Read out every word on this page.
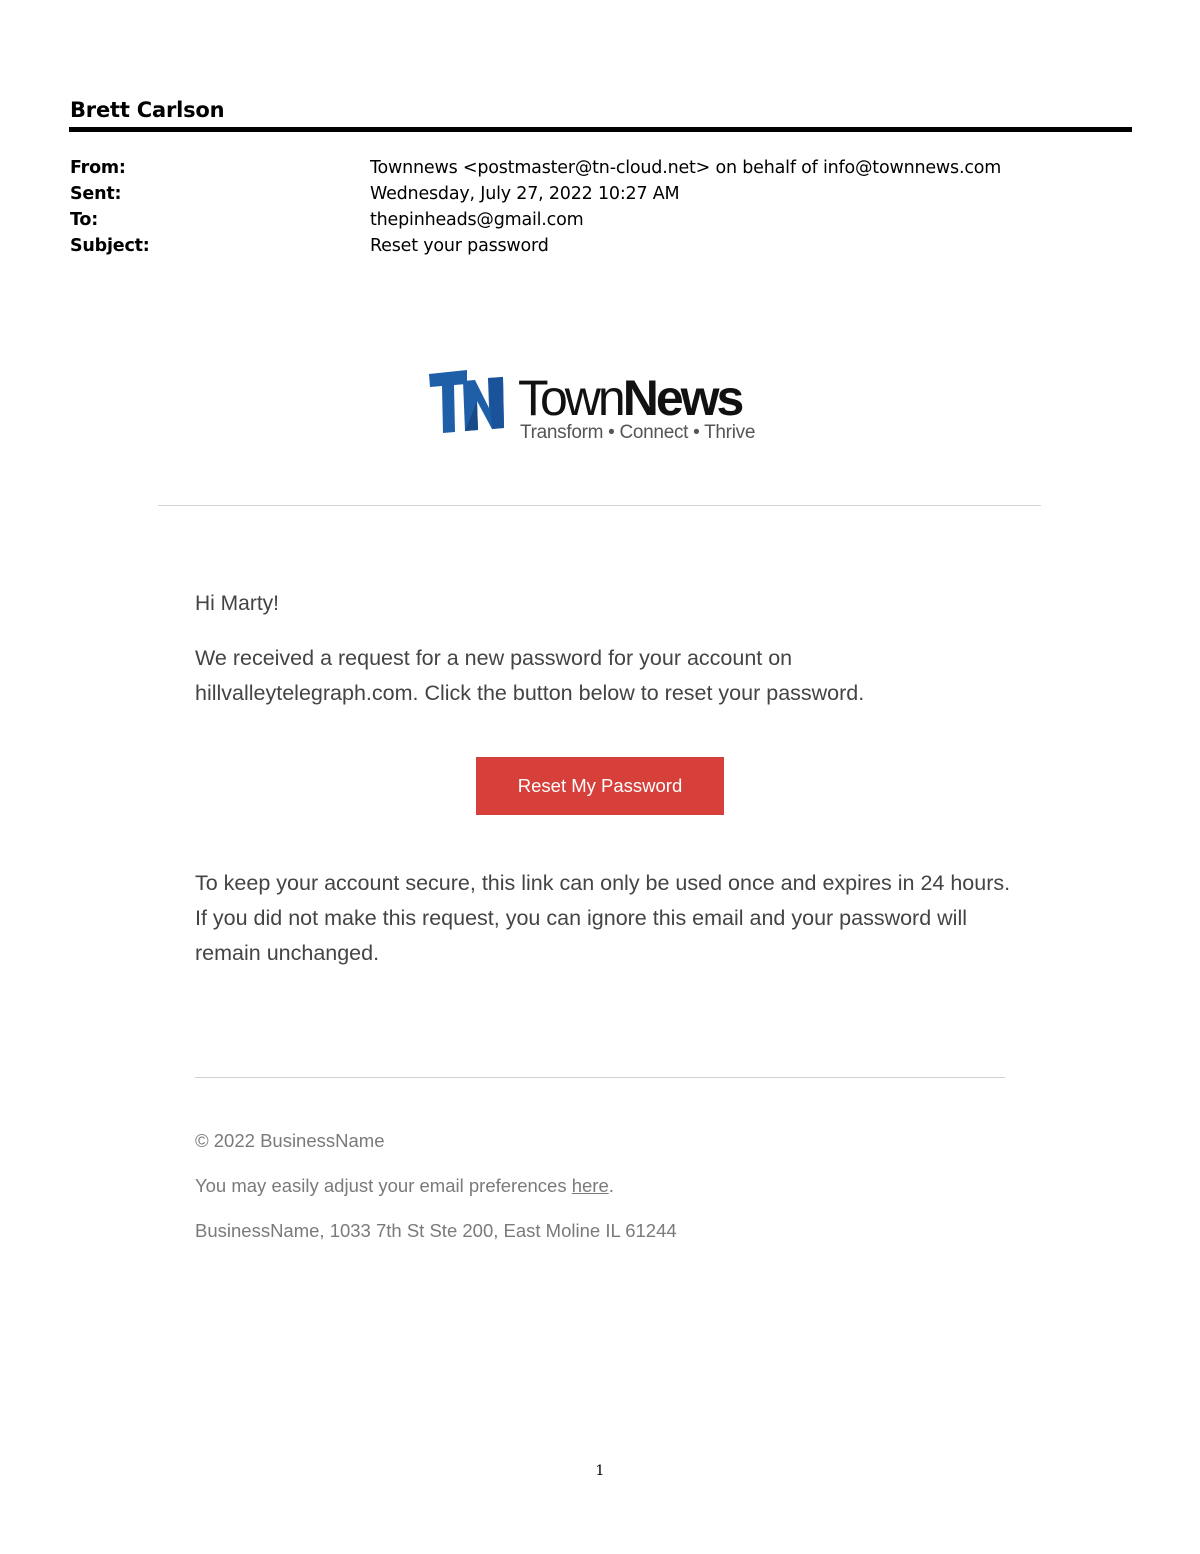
Brett Carlson
From:	Townnews <postmaster@tn-cloud.net> on behalf of info@townnews.com
Sent:	Wednesday, July 27, 2022 10:27 AM
To:	thepinheads@gmail.com
Subject:	Reset your password
TN TownNews
Transform • Connect • Thrive
Hi Marty!
We received a request for a new password for your account on hillvalleytelegraph.com. Click the button below to reset your password.
Reset My Password
To keep your account secure, this link can only be used once and expires in 24 hours. If you did not make this request, you can ignore this email and your password will remain unchanged.
© 2022 BusinessName
You may easily adjust your email preferences here.
BusinessName, 1033 7th St Ste 200, East Moline IL 61244
1
